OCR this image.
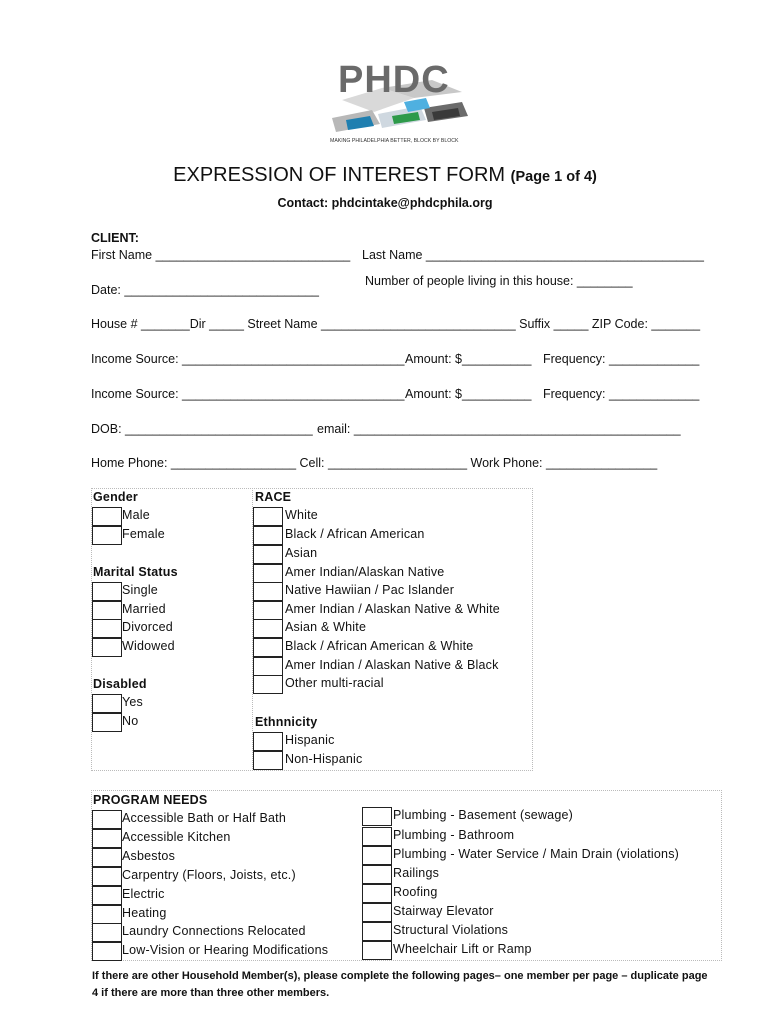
PHDC
MAKING PHILADELPHIA BETTER, BLOCK BY BLOCK
EXPRESSION OF INTEREST FORM (Page 1 of 4)
Contact: phdcintake@phdcphila.org
CLIENT:
First Name ____________________________ Last Name ________________________________________
Number of people living in this house: ________
Date: ____________________________
House # _______Dir _____ Street Name ____________________________ Suffix _____ ZIP Code: _______
Income Source: ________________________________ Amount: $__________ Frequency: _____________
Income Source: ________________________________ Amount: $__________ Frequency: _____________
DOB: ___________________________ email: _______________________________________________
Home Phone: __________________ Cell: ____________________ Work Phone: ________________
Gender
Male
Female
Marital Status
Single
Married
Divorced
Widowed
Disabled
Yes
No
RACE
White
Black / African American
Asian
Amer Indian/Alaskan Native
Native Hawiian / Pac Islander
Amer Indian / Alaskan Native & White
Asian & White
Black / African American & White
Amer Indian / Alaskan Native & Black
Other multi-racial
Ethnnicity
Hispanic
Non-Hispanic
PROGRAM NEEDS
Accessible Bath or Half Bath
Accessible Kitchen
Asbestos
Carpentry (Floors, Joists, etc.)
Electric
Heating
Laundry Connections Relocated
Low-Vision or Hearing Modifications
Plumbing - Basement (sewage)
Plumbing - Bathroom
Plumbing - Water Service / Main Drain (violations)
Railings
Roofing
Stairway Elevator
Structural Violations
Wheelchair Lift or Ramp
If there are other Household Member(s), please complete the following pages– one member per page – duplicate page 4 if there are more than three other members.
